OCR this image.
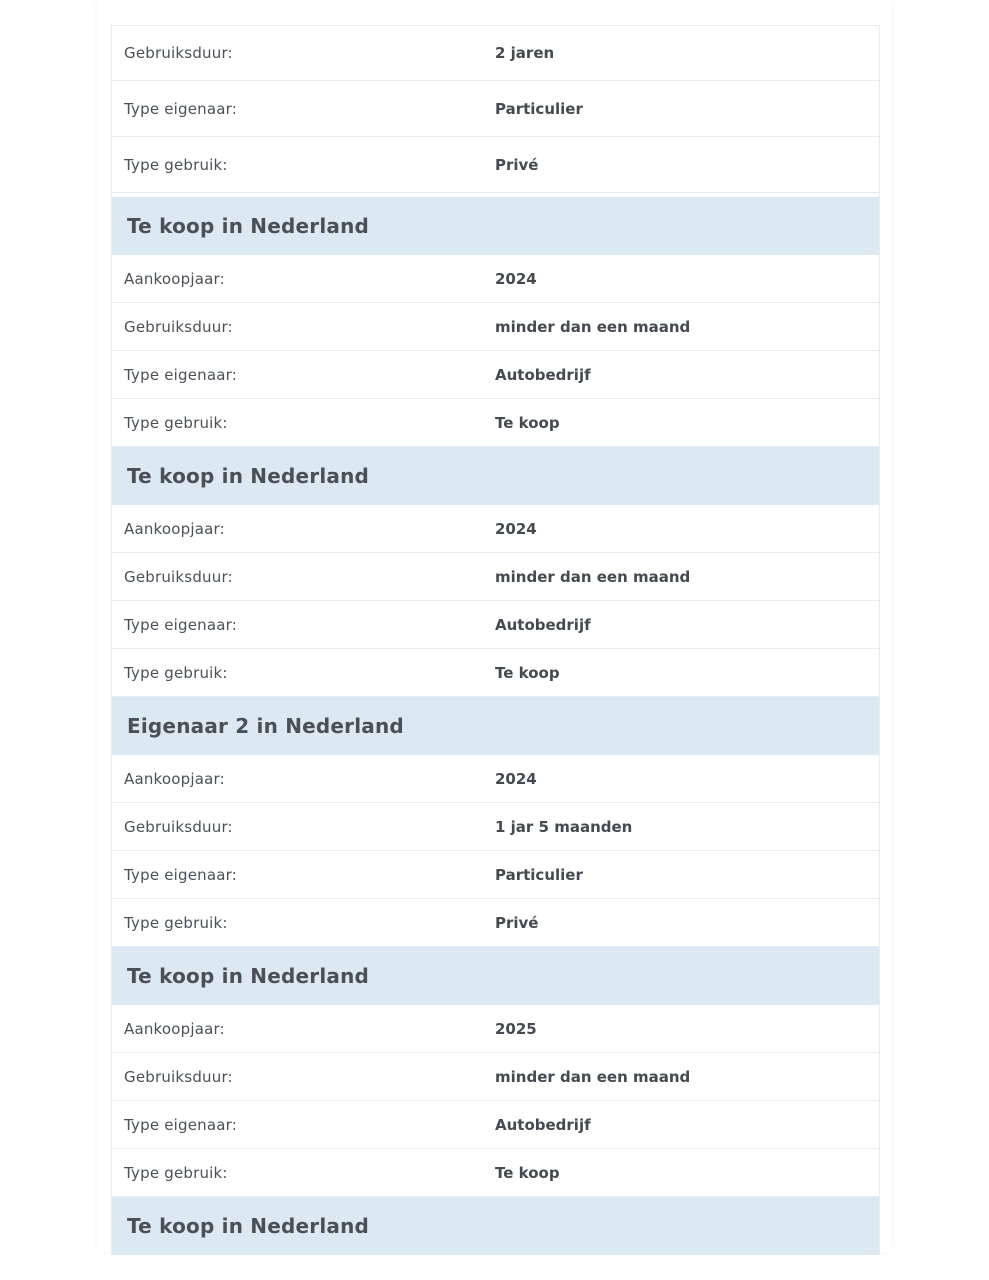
Gebruiksduur:	2 jaren
Type eigenaar:	Particulier
Type gebruik:	Privé
Te koop in Nederland
Aankoopjaar:	2024
Gebruiksduur:	minder dan een maand
Type eigenaar:	Autobedrijf
Type gebruik:	Te koop
Te koop in Nederland
Aankoopjaar:	2024
Gebruiksduur:	minder dan een maand
Type eigenaar:	Autobedrijf
Type gebruik:	Te koop
Eigenaar 2 in Nederland
Aankoopjaar:	2024
Gebruiksduur:	1 jar 5 maanden
Type eigenaar:	Particulier
Type gebruik:	Privé
Te koop in Nederland
Aankoopjaar:	2025
Gebruiksduur:	minder dan een maand
Type eigenaar:	Autobedrijf
Type gebruik:	Te koop
Te koop in Nederland
